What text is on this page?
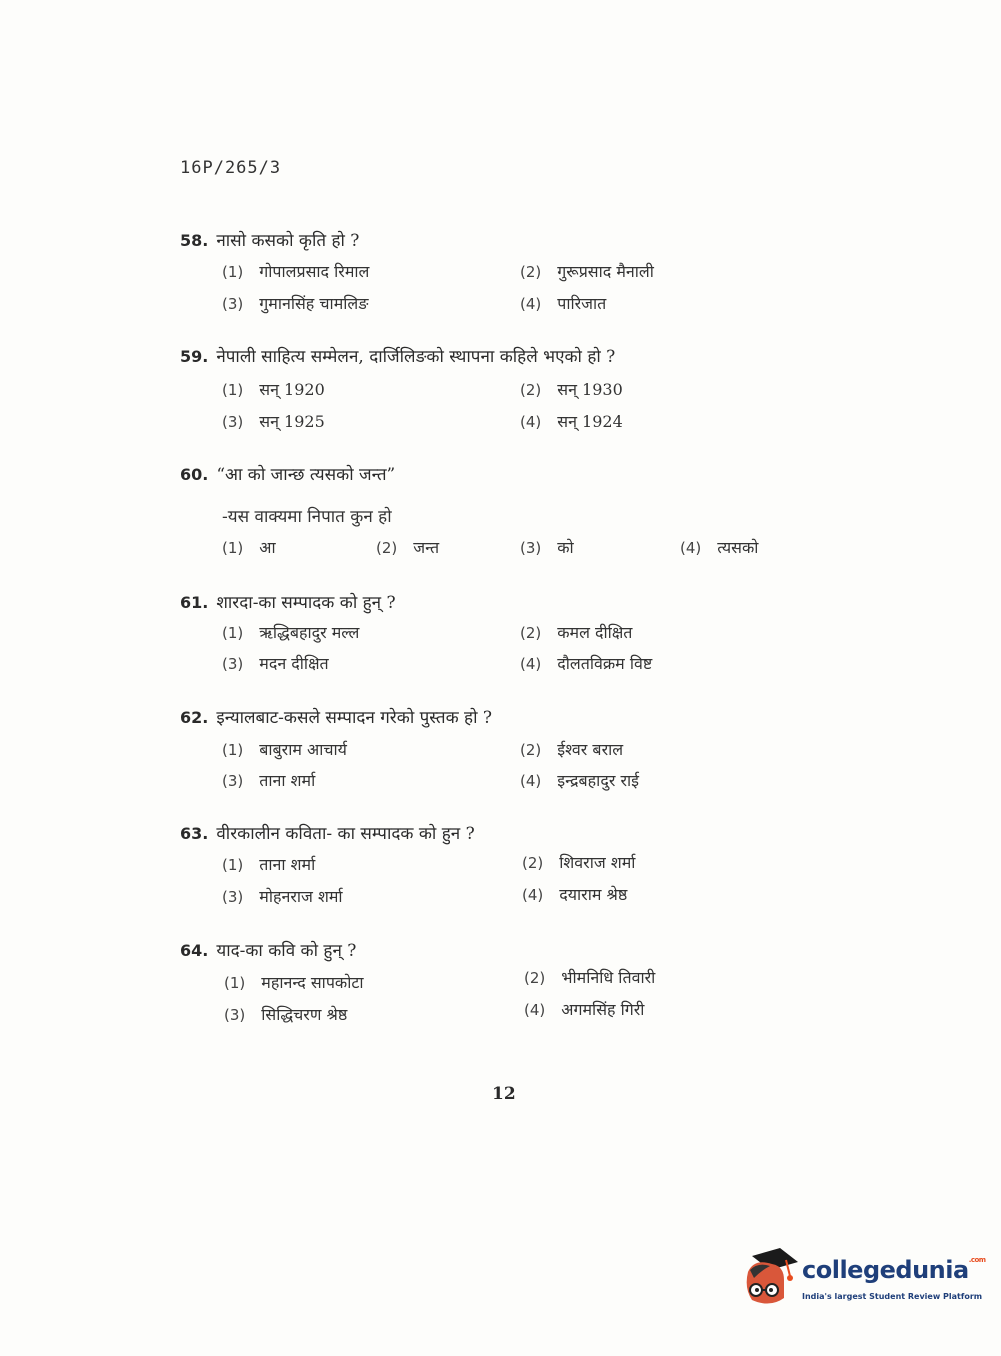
16P/265/3
58. नासो कसको कृति हो ?
(1) गोपालप्रसाद रिमाल	(2) गुरूप्रसाद मैनाली
(3) गुमानसिंह चामलिङ	(4) पारिजात
59. नेपाली साहित्य सम्मेलन, दार्जिलिङको स्थापना कहिले भएको हो ?
(1) सन् 1920	(2) सन् 1930
(3) सन् 1925	(4) सन् 1924
60. “आ को जान्छ त्यसको जन्त”
-यस वाक्यमा निपात कुन हो
(1) आ	(2) जन्त	(3) को	(4) त्यसको
61. शारदा-का सम्पादक को हुन् ?
(1) ऋद्धिबहादुर मल्ल	(2) कमल दीक्षित
(3) मदन दीक्षित	(4) दौलतविक्रम विष्ट
62. इन्यालबाट-कसले सम्पादन गरेको पुस्तक हो ?
(1) बाबुराम आचार्य	(2) ईश्वर बराल
(3) ताना शर्मा	(4) इन्द्रबहादुर राई
63. वीरकालीन कविता- का सम्पादक को हुन ?
(1) ताना शर्मा	(2) शिवराज शर्मा
(3) मोहनराज शर्मा	(4) दयाराम श्रेष्ठ
64. याद-का कवि को हुन् ?
(1) महानन्द सापकोटा	(2) भीमनिधि तिवारी
(3) सिद्धिचरण श्रेष्ठ	(4) अगमसिंह गिरी
12
collegedunia$^{.com}$
India's largest Student Review Platform
